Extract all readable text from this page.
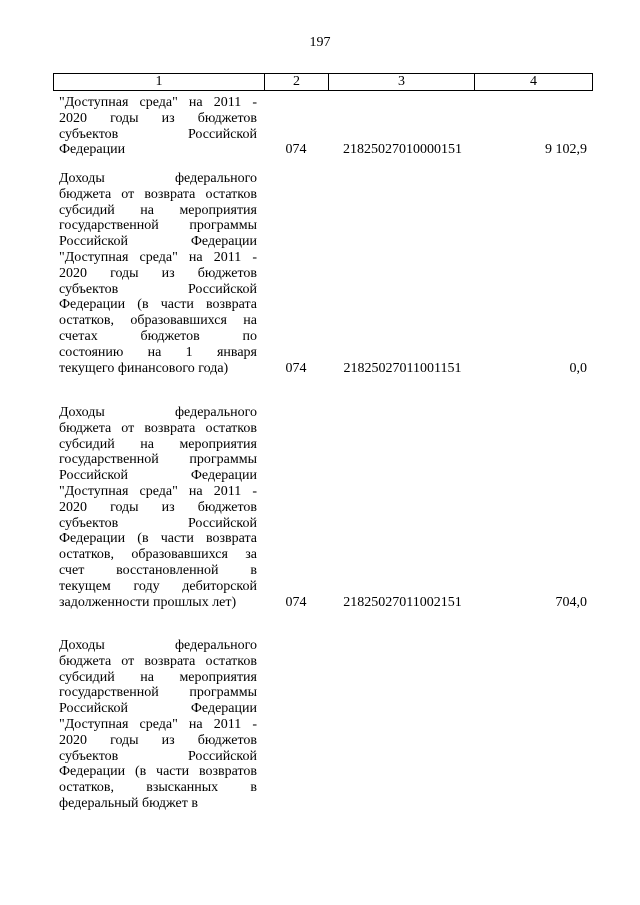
197
1	2	3	4
"Доступная среда" на 2011 -
2020 годы из бюджетов
субъектов Российской
Федерации	074	21825027010000151	9 102,9
Доходы федерального
бюджета от возврата остатков
субсидий на мероприятия
государственной программы
Российской Федерации
"Доступная среда" на 2011 -
2020 годы из бюджетов
субъектов Российской
Федерации (в части возврата
остатков, образовавшихся на
счетах бюджетов по
состоянию на 1 января
текущего финансового года)	074	21825027011001151	0,0
Доходы федерального
бюджета от возврата остатков
субсидий на мероприятия
государственной программы
Российской Федерации
"Доступная среда" на 2011 -
2020 годы из бюджетов
субъектов Российской
Федерации (в части возврата
остатков, образовавшихся за
счет восстановленной в
текущем году дебиторской
задолженности прошлых лет)	074	21825027011002151	704,0
Доходы федерального
бюджета от возврата остатков
субсидий на мероприятия
государственной программы
Российской Федерации
"Доступная среда" на 2011 -
2020 годы из бюджетов
субъектов Российской
Федерации (в части возвратов
остатков, взысканных в
федеральный бюджет в
